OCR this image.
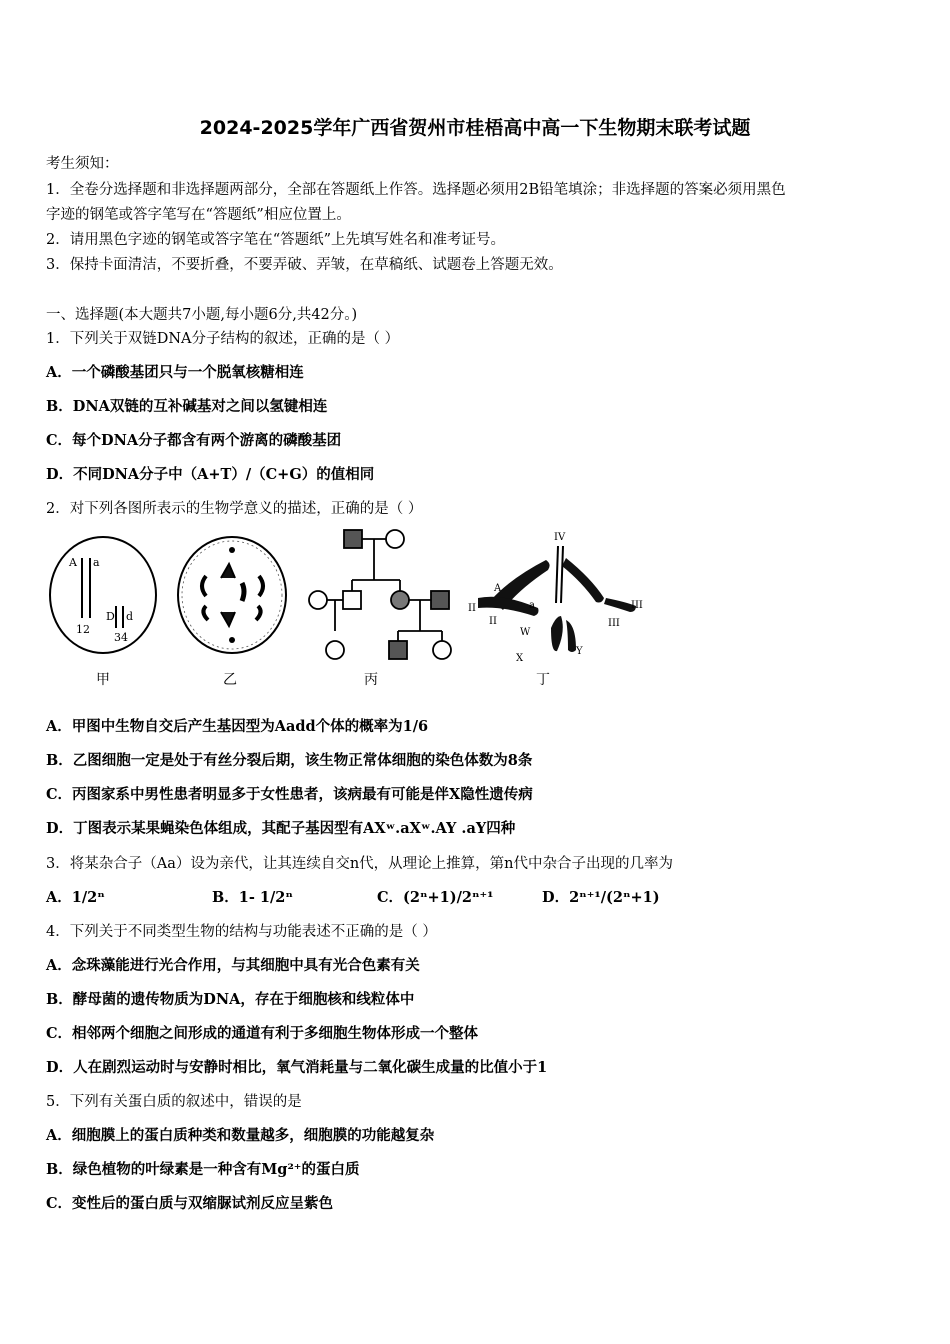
2024-2025学年广西省贺州市桂梧高中高一下生物期末联考试题
考生须知：
1．全卷分选择题和非选择题两部分，全部在答题纸上作答。选择题必须用2B铅笔填涂；非选择题的答案必须用黑色
字迹的钢笔或答字笔写在“答题纸”相应位置上。
2．请用黑色字迹的钢笔或答字笔在“答题纸”上先填写姓名和准考证号。
3．保持卡面清洁，不要折叠，不要弄破、弄皱，在草稿纸、试题卷上答题无效。
一、选择题(本大题共7小题,每小题6分,共42分。)
1．下列关于双链DNA分子结构的叙述，正确的是（ ）
A．一个磷酸基团只与一个脱氧核糖相连
B．DNA双链的互补碱基对之间以氢键相连
C．每个DNA分子都含有两个游离的磷酸基团
D．不同DNA分子中（A+T）/（C+G）的值相同
2．对下列各图所表示的生物学意义的描述，正确的是（ ）
A a
D d
12
34
IV
A
a
II
II
III
III
W
X
Y
甲	乙	丙	丁
A．甲图中生物自交后产生基因型为Aadd个体的概率为1/6
B．乙图细胞一定是处于有丝分裂后期，该生物正常体细胞的染色体数为8条
C．丙图家系中男性患者明显多于女性患者，该病最有可能是伴X隐性遗传病
D．丁图表示某果蝇染色体组成，其配子基因型有AXʷ.aXʷ.AY .aY四种
3．将某杂合子（Aa）设为亲代，让其连续自交n代，从理论上推算，第n代中杂合子出现的几率为
A．1/2ⁿ	B．1- 1/2ⁿ	C．(2ⁿ+1)/2ⁿ⁺¹	D．2ⁿ⁺¹/(2ⁿ+1)
4．下列关于不同类型生物的结构与功能表述不正确的是（ ）
A．念珠藻能进行光合作用，与其细胞中具有光合色素有关
B．酵母菌的遗传物质为DNA，存在于细胞核和线粒体中
C．相邻两个细胞之间形成的通道有利于多细胞生物体形成一个整体
D．人在剧烈运动时与安静时相比，氧气消耗量与二氧化碳生成量的比值小于1
5．下列有关蛋白质的叙述中，错误的是
A．细胞膜上的蛋白质种类和数量越多，细胞膜的功能越复杂
B．绿色植物的叶绿素是一种含有Mg²⁺的蛋白质
C．变性后的蛋白质与双缩脲试剂反应呈紫色
